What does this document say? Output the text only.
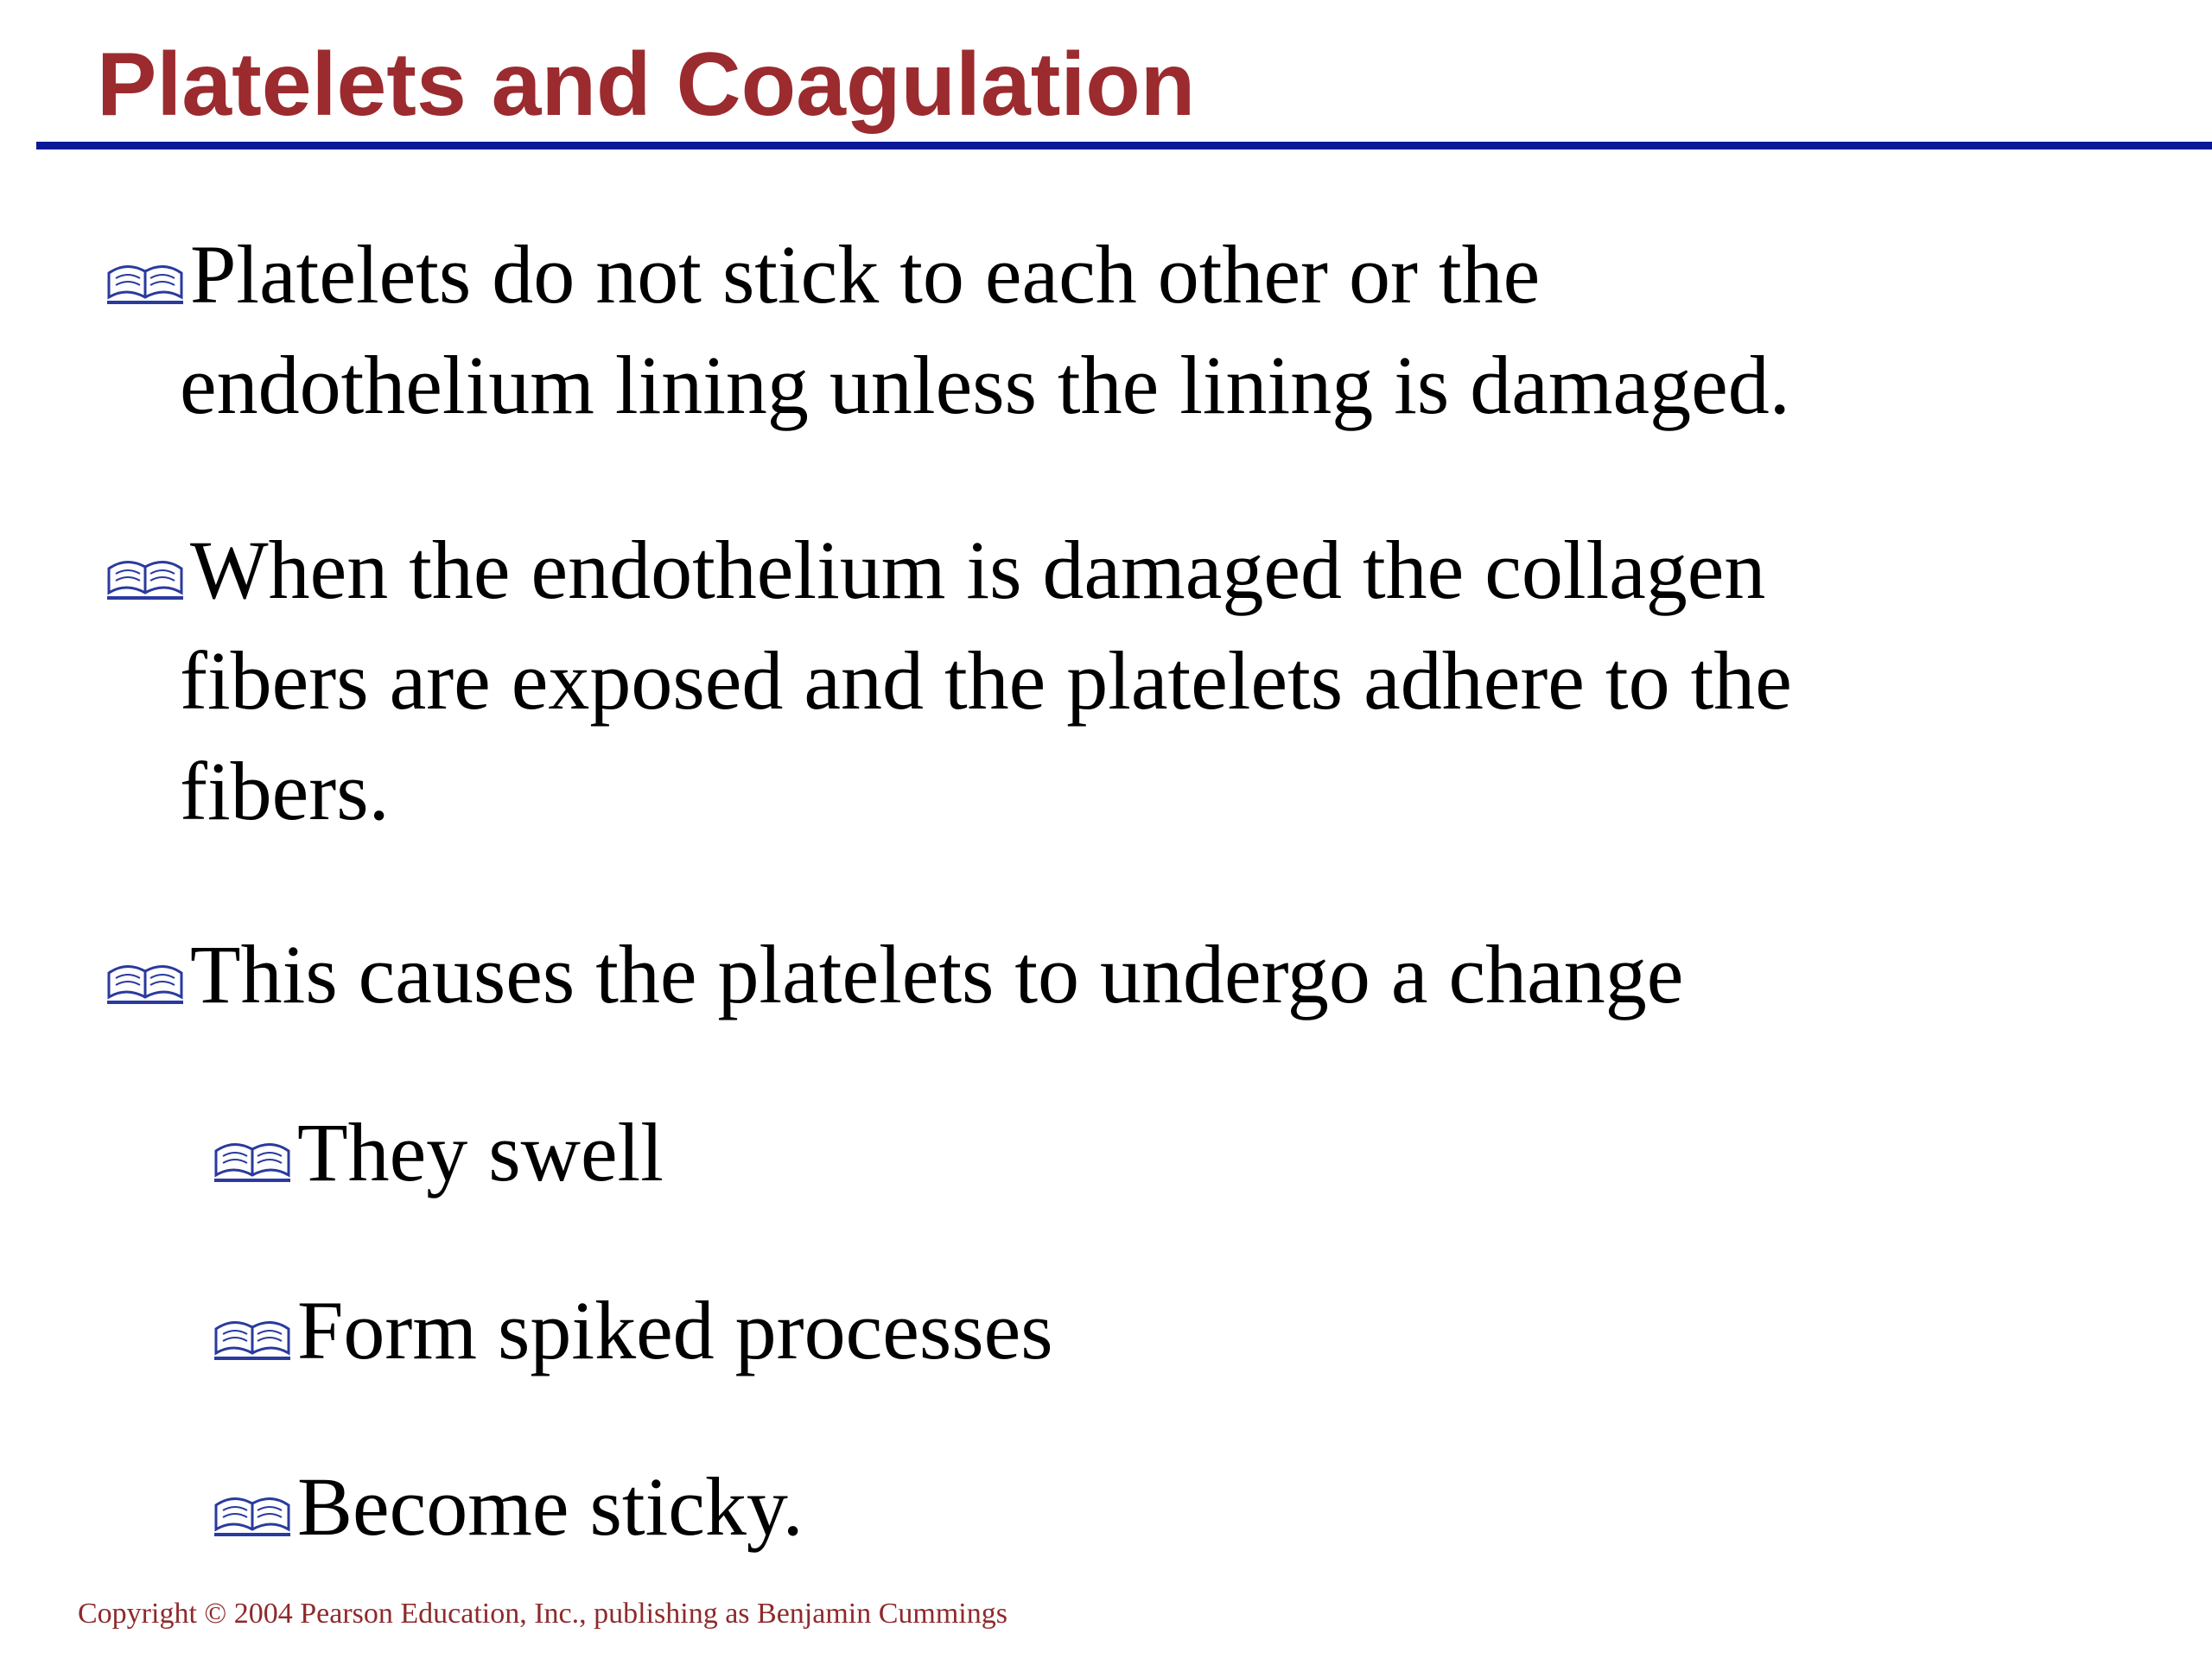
Platelets and Coagulation
Platelets do not stick to each other or the
endothelium lining unless the lining is damaged.
When the endothelium is damaged the collagen
fibers are exposed and the platelets adhere to the
fibers.
This causes the platelets to undergo a change
They swell
Form spiked processes
Become sticky.
Copyright © 2004 Pearson Education, Inc., publishing as Benjamin Cummings
